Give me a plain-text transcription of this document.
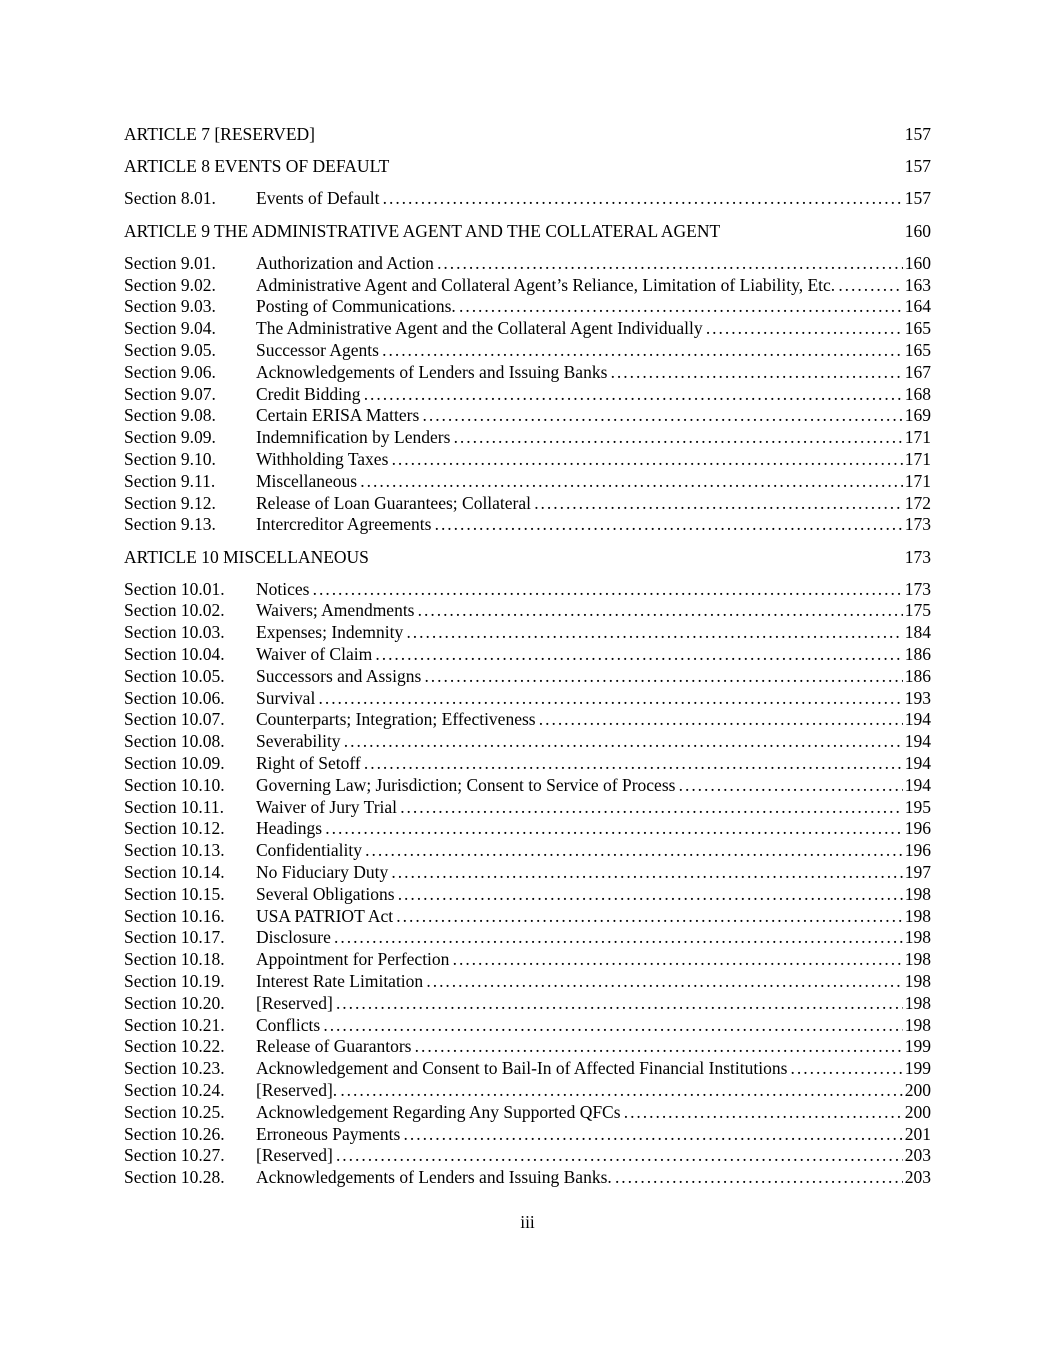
ARTICLE 7 [RESERVED]	157
ARTICLE 8 EVENTS OF DEFAULT	157
Section 8.01.	Events of Default . . .	157
ARTICLE 9 THE ADMINISTRATIVE AGENT AND THE COLLATERAL AGENT	160
Section 9.01.	Authorization and Action . . .	160
Section 9.02.	Administrative Agent and Collateral Agent’s Reliance, Limitation of Liability, Etc. . . .	163
Section 9.03.	Posting of Communications. . . .	164
Section 9.04.	The Administrative Agent and the Collateral Agent Individually . . .	165
Section 9.05.	Successor Agents . . .	165
Section 9.06.	Acknowledgements of Lenders and Issuing Banks . . .	167
Section 9.07.	Credit Bidding . . .	168
Section 9.08.	Certain ERISA Matters . . .	169
Section 9.09.	Indemnification by Lenders . . .	171
Section 9.10.	Withholding Taxes . . .	171
Section 9.11.	Miscellaneous . . .	171
Section 9.12.	Release of Loan Guarantees; Collateral . . .	172
Section 9.13.	Intercreditor Agreements . . .	173
ARTICLE 10 MISCELLANEOUS	173
Section 10.01.	Notices . . .	173
Section 10.02.	Waivers; Amendments . . .	175
Section 10.03.	Expenses; Indemnity . . .	184
Section 10.04.	Waiver of Claim . . .	186
Section 10.05.	Successors and Assigns . . .	186
Section 10.06.	Survival . . .	193
Section 10.07.	Counterparts; Integration; Effectiveness . . .	194
Section 10.08.	Severability . . .	194
Section 10.09.	Right of Setoff . . .	194
Section 10.10.	Governing Law; Jurisdiction; Consent to Service of Process . . .	194
Section 10.11.	Waiver of Jury Trial . . .	195
Section 10.12.	Headings . . .	196
Section 10.13.	Confidentiality . . .	196
Section 10.14.	No Fiduciary Duty . . .	197
Section 10.15.	Several Obligations . . .	198
Section 10.16.	USA PATRIOT Act . . .	198
Section 10.17.	Disclosure . . .	198
Section 10.18.	Appointment for Perfection . . .	198
Section 10.19.	Interest Rate Limitation . . .	198
Section 10.20.	[Reserved] . . .	198
Section 10.21.	Conflicts . . .	198
Section 10.22.	Release of Guarantors . . .	199
Section 10.23.	Acknowledgement and Consent to Bail-In of Affected Financial Institutions . . .	199
Section 10.24.	[Reserved]. . . .	200
Section 10.25.	Acknowledgement Regarding Any Supported QFCs . . .	200
Section 10.26.	Erroneous Payments . . .	201
Section 10.27.	[Reserved] . . .	203
Section 10.28.	Acknowledgements of Lenders and Issuing Banks. . . .	203
iii
